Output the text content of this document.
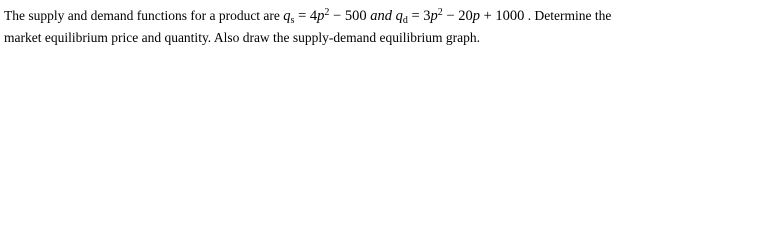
The supply and demand functions for a product are $q_s = 4p^2 - 500$ and $q_d = 3p^2 - 20p + 1000$ . Determine the
market equilibrium price and quantity. Also draw the supply-demand equilibrium graph.
